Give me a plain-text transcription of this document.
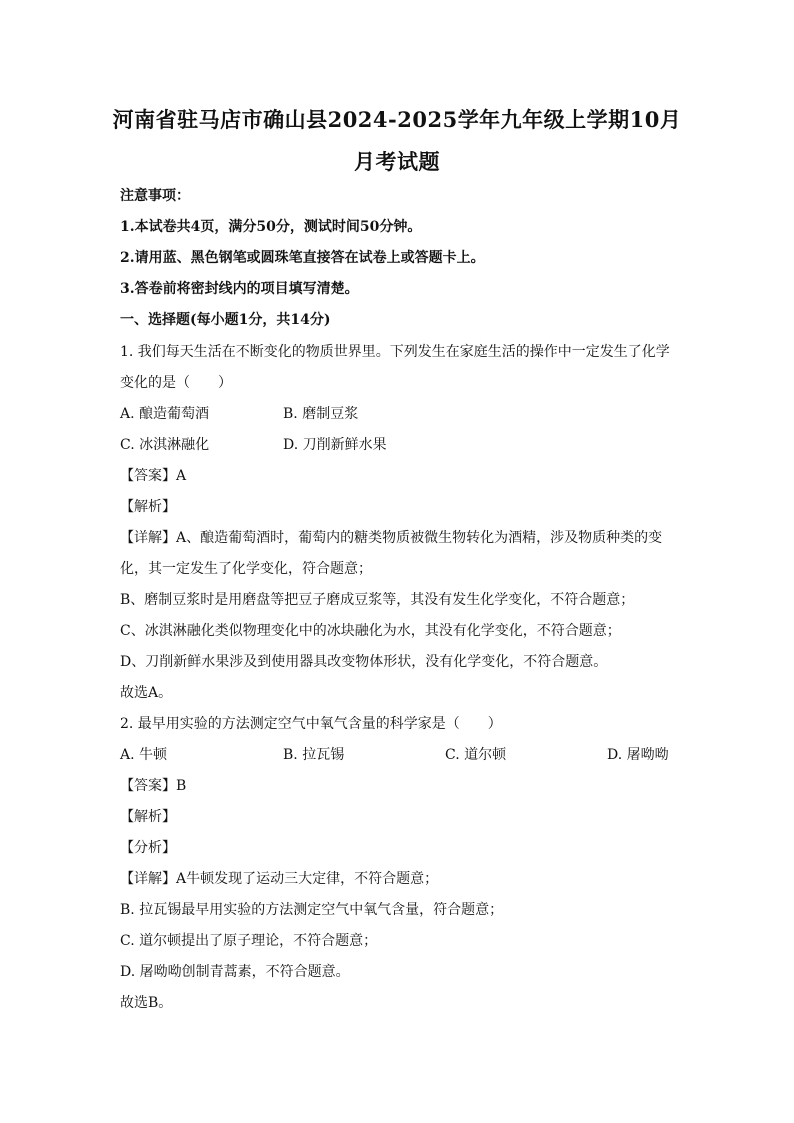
河南省驻马店市确山县2024-2025学年九年级上学期10月
月考试题

注意事项：

1.本试卷共4页，满分50分，测试时间50分钟。

2.请用蓝、黑色钢笔或圆珠笔直接答在试卷上或答题卡上。

3.答卷前将密封线内的项目填写清楚。

一、选择题(每小题1分，共14分)

1. 我们每天生活在不断变化的物质世界里。下列发生在家庭生活的操作中一定发生了化学

变化的是（　　）

A. 酿造葡萄酒	B. 磨制豆浆
C. 冰淇淋融化	D. 刀削新鲜水果

【答案】A

【解析】

【详解】A、酿造葡萄酒时，葡萄内的糖类物质被微生物转化为酒精，涉及物质种类的变

化，其一定发生了化学变化，符合题意；

B、磨制豆浆时是用磨盘等把豆子磨成豆浆等，其没有发生化学变化，不符合题意；

C、冰淇淋融化类似物理变化中的冰块融化为水，其没有化学变化，不符合题意；

D、刀削新鲜水果涉及到使用器具改变物体形状，没有化学变化，不符合题意。

故选A。

2. 最早用实验的方法测定空气中氧气含量的科学家是（　　）

A. 牛顿	B. 拉瓦锡	C. 道尔顿	D. 屠呦呦

【答案】B

【解析】

【分析】

【详解】A牛顿发现了运动三大定律，不符合题意；

B. 拉瓦锡最早用实验的方法测定空气中氧气含量，符合题意；

C. 道尔顿提出了原子理论，不符合题意；

D. 屠呦呦创制青蒿素，不符合题意。

故选B。
